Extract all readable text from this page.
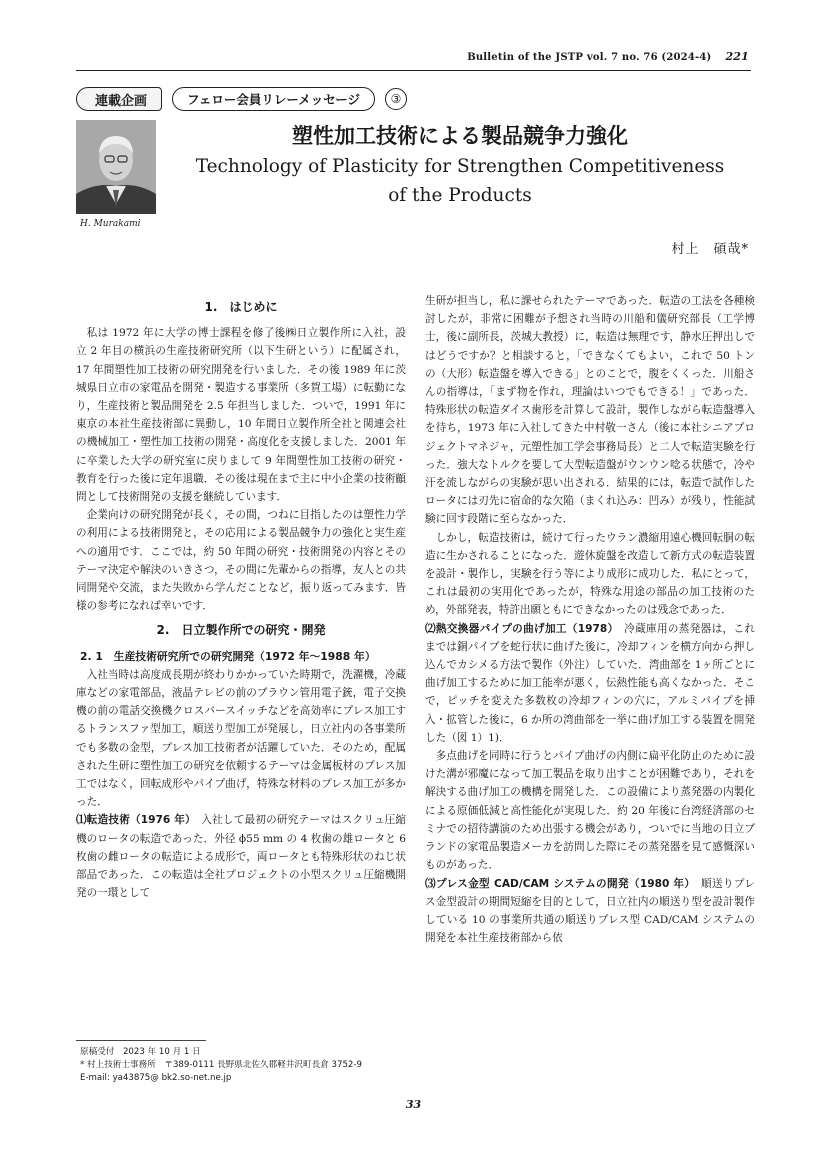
Bulletin of the JSTP vol. 7 no. 76 (2024-4) 221
連載企画	フェロー会員リレーメッセージ	③
H. Murakami
塑性加工技術による製品競争力強化
Technology of Plasticity for Strengthen Competitiveness
of the Products
村上　碩哉*
1.　はじめに

私は 1972 年に大学の博士課程を修了後㈱日立製作所に入社，設立 2 年目の横浜の生産技術研究所（以下生研という）に配属され，17 年間塑性加工技術の研究開発を行いました．その後 1989 年に茨城県日立市の家電品を開発・製造する事業所（多賀工場）に転勤になり，生産技術と製品開発を 2.5 年担当しました．ついで，1991 年に東京の本社生産技術部に異動し，10 年間日立製作所全社と関連会社の機械加工・塑性加工技術の開発・高度化を支援しました．2001 年に卒業した大学の研究室に戻りまして 9 年間塑性加工技術の研究・教育を行った後に定年退職．その後は現在まで主に中小企業の技術顧問として技術開発の支援を継続しています．

企業向けの研究開発が長く，その間，つねに目指したのは塑性力学の利用による技術開発と，その応用による製品競争力の強化と実生産への適用です．ここでは，約 50 年間の研究・技術開発の内容とそのテーマ決定や解決のいきさつ，その間に先輩からの指導，友人との共同開発や交流，また失敗から学んだことなど，振り返ってみます．皆様の参考になれば幸いです．

2.　日立製作所での研究・開発
2. 1　生産技術研究所での研究開発（1972 年～1988 年）

入社当時は高度成長期が終わりかかっていた時期で，洗濯機，冷蔵庫などの家電部品，液晶テレビの前のブラウン管用電子銃，電子交換機の前の電話交換機クロスバースイッチなどを高効率にプレス加工するトランスファ型加工，順送り型加工が発展し，日立社内の各事業所でも多数の金型，プレス加工技術者が活躍していた．そのため，配属された生研に塑性加工の研究を依頼するテーマは金属板材のプレス加工ではなく，回転成形やパイプ曲げ，特殊な材料のプレス加工が多かった．

⑴転造技術（1976 年）　 入社して最初の研究テーマはスクリュ圧縮機のロータの転造であった．外径 ϕ55 mm の 4 枚歯の雄ロータと 6 枚歯の雌ロータの転造による成形で，両ロータとも特殊形状のねじ状部品であった．この転造は全社プロジェクトの小型スクリュ圧縮機開発の一環として

生研が担当し，私に課せられたテーマであった．転造の工法を各種検討したが，非常に困難が予想され当時の川船和儀研究部長（工学博士，後に副所長，茨城大教授）に，転造は無理です，静水圧押出しではどうですか？と相談すると，「できなくてもよい，これで 50 トンの（大形）転造盤を導入できる」とのことで，腹をくくった．川船さんの指導は，「まず物を作れ，理論はいつでもできる！」であった．特殊形状の転造ダイス歯形を計算して設計，製作しながら転造盤導入を待ち，1973 年に入社してきた中村敬一さん（後に本社シニアプロジェクトマネジャ，元塑性加工学会事務局長）と二人で転造実験を行った．強大なトルクを要して大型転造盤がウンウン唸る状態で，冷や汗を流しながらの実験が思い出される．結果的には，転造で試作したロータには刃先に宿命的な欠陥（まくれ込み：凹み）が残り，性能試験に回す段階に至らなかった．

しかし，転造技術は，続けて行ったウラン濃縮用遠心機回転胴の転造に生かされることになった．遊休旋盤を改造して新方式の転造装置を設計・製作し，実験を行う等により成形に成功した．私にとって，これは最初の実用化であったが，特殊な用途の部品の加工技術のため，外部発表，特許出願ともにできなかったのは残念であった．

⑵熱交換器パイプの曲げ加工（1978）　 冷蔵庫用の蒸発器は，これまでは銅パイプを蛇行状に曲げた後に，冷却フィンを横方向から押し込んでカシメる方法で製作（外注）していた．湾曲部を 1ヶ所ごとに曲げ加工するために加工能率が悪く，伝熱性能も高くなかった．そこで，ピッチを変えた多数枚の冷却フィンの穴に，アルミパイプを挿入・拡管した後に，6 か所の湾曲部を一挙に曲げ加工する装置を開発した（図 1）1)．

多点曲げを同時に行うとパイプ曲げの内側に扁平化防止のために設けた溝が邪魔になって加工製品を取り出すことが困難であり，それを解決する曲げ加工の機構を開発した．この設備により蒸発器の内製化による原価低減と高性能化が実現した．約 20 年後に台湾経済部のセミナでの招待講演のため出張する機会があり，ついでに当地の日立ブランドの家電品製造メーカを訪問した際にその蒸発器を見て感慨深いものがあった．

⑶プレス金型 CAD/CAM システムの開発（1980 年）　 順送りプレス金型設計の期間短縮を目的として，日立社内の順送り型を設計製作している 10 の事業所共通の順送りプレス型 CAD/CAM システムの開発を本社生産技術部から依

原稿受付　2023 年 10 月 1 日
* 村上技術士事務所　〒389-0111 長野県北佐久郡軽井沢町長倉 3752-9
E-mail: ya43875@ bk2.so-net.ne.jp
33
